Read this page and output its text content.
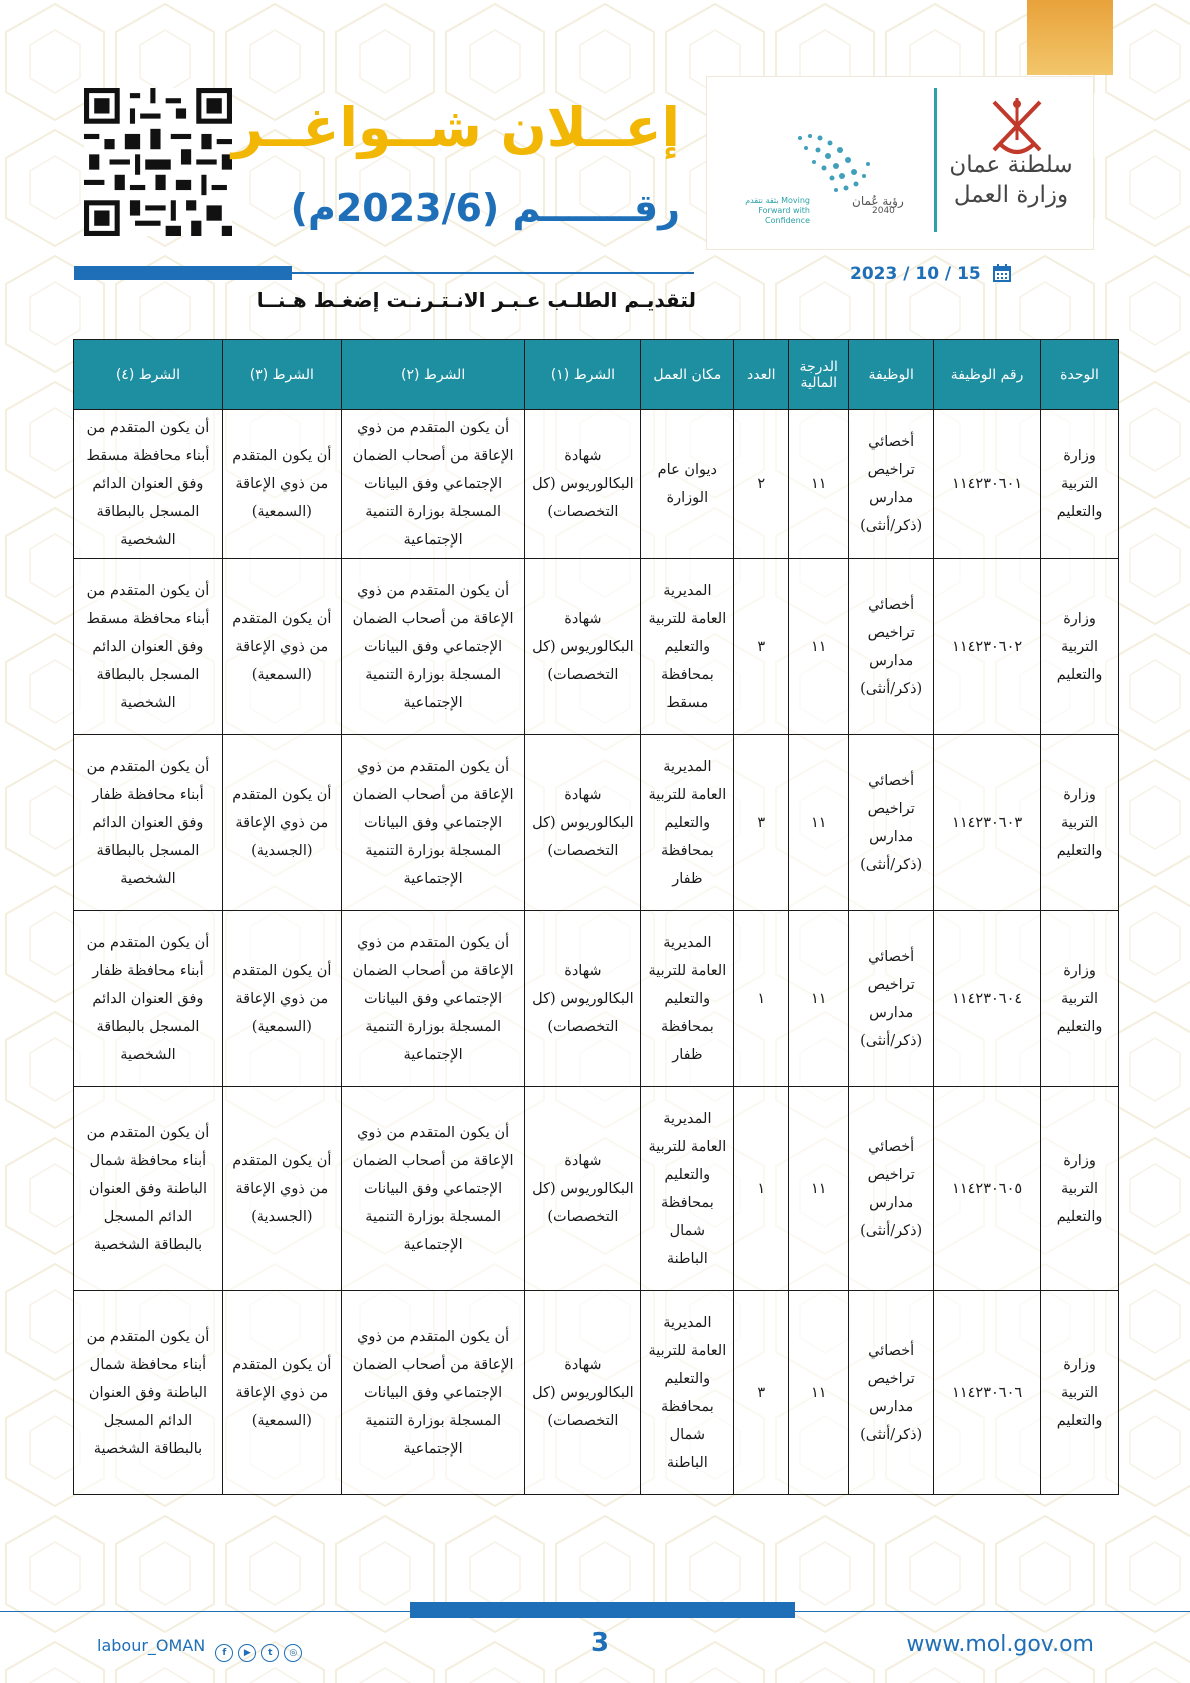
سلطنة عمان وزارة العمل
رؤية عُمان
2040
بثقة نتقدم Moving Forward with Confidence
إعــلان شــواغــر
رقـــــــم (2023/6م)
لتقديـم الطلـب عـبـر الانـتـرنـت إضغـط هـنــا
2023 / 10 / 15
الوحدة	رقم الوظيفة	الوظيفة	الدرجة المالية	العدد	مكان العمل	الشرط (١)	الشرط (٢)	الشرط (٣)	الشرط (٤)
وزارة التربية والتعليم	١١٤٢٣٠٦٠١	أخصائي تراخيص مدارس (ذكر/أنثى)	١١	٢	ديوان عام الوزارة	شهادة البكالوريوس (كل التخصصات)	أن يكون المتقدم من ذوي الإعاقة من أصحاب الضمان الإجتماعي وفق البيانات المسجلة بوزارة التنمية الإجتماعية	أن يكون المتقدم من ذوي الإعاقة (السمعية)	أن يكون المتقدم من أبناء محافظة مسقط وفق العنوان الدائم المسجل بالبطاقة الشخصية
وزارة التربية والتعليم	١١٤٢٣٠٦٠٢	أخصائي تراخيص مدارس (ذكر/أنثى)	١١	٣	المديرية العامة للتربية والتعليم بمحافظة مسقط	شهادة البكالوريوس (كل التخصصات)	أن يكون المتقدم من ذوي الإعاقة من أصحاب الضمان الإجتماعي وفق البيانات المسجلة بوزارة التنمية الإجتماعية	أن يكون المتقدم من ذوي الإعاقة (السمعية)	أن يكون المتقدم من أبناء محافظة مسقط وفق العنوان الدائم المسجل بالبطاقة الشخصية
وزارة التربية والتعليم	١١٤٢٣٠٦٠٣	أخصائي تراخيص مدارس (ذكر/أنثى)	١١	٣	المديرية العامة للتربية والتعليم بمحافظة ظفار	شهادة البكالوريوس (كل التخصصات)	أن يكون المتقدم من ذوي الإعاقة من أصحاب الضمان الإجتماعي وفق البيانات المسجلة بوزارة التنمية الإجتماعية	أن يكون المتقدم من ذوي الإعاقة (الجسدية)	أن يكون المتقدم من أبناء محافظة ظفار وفق العنوان الدائم المسجل بالبطاقة الشخصية
وزارة التربية والتعليم	١١٤٢٣٠٦٠٤	أخصائي تراخيص مدارس (ذكر/أنثى)	١١	١	المديرية العامة للتربية والتعليم بمحافظة ظفار	شهادة البكالوريوس (كل التخصصات)	أن يكون المتقدم من ذوي الإعاقة من أصحاب الضمان الإجتماعي وفق البيانات المسجلة بوزارة التنمية الإجتماعية	أن يكون المتقدم من ذوي الإعاقة (السمعية)	أن يكون المتقدم من أبناء محافظة ظفار وفق العنوان الدائم المسجل بالبطاقة الشخصية
وزارة التربية والتعليم	١١٤٢٣٠٦٠٥	أخصائي تراخيص مدارس (ذكر/أنثى)	١١	١	المديرية العامة للتربية والتعليم بمحافظة شمال الباطنة	شهادة البكالوريوس (كل التخصصات)	أن يكون المتقدم من ذوي الإعاقة من أصحاب الضمان الإجتماعي وفق البيانات المسجلة بوزارة التنمية الإجتماعية	أن يكون المتقدم من ذوي الإعاقة (الجسدية)	أن يكون المتقدم من أبناء محافظة شمال الباطنة وفق العنوان الدائم المسجل بالبطاقة الشخصية
وزارة التربية والتعليم	١١٤٢٣٠٦٠٦	أخصائي تراخيص مدارس (ذكر/أنثى)	١١	٣	المديرية العامة للتربية والتعليم بمحافظة شمال الباطنة	شهادة البكالوريوس (كل التخصصات)	أن يكون المتقدم من ذوي الإعاقة من أصحاب الضمان الإجتماعي وفق البيانات المسجلة بوزارة التنمية الإجتماعية	أن يكون المتقدم من ذوي الإعاقة (السمعية)	أن يكون المتقدم من أبناء محافظة شمال الباطنة وفق العنوان الدائم المسجل بالبطاقة الشخصية
labour_OMAN f ▶ t ◎	3	www.mol.gov.om
